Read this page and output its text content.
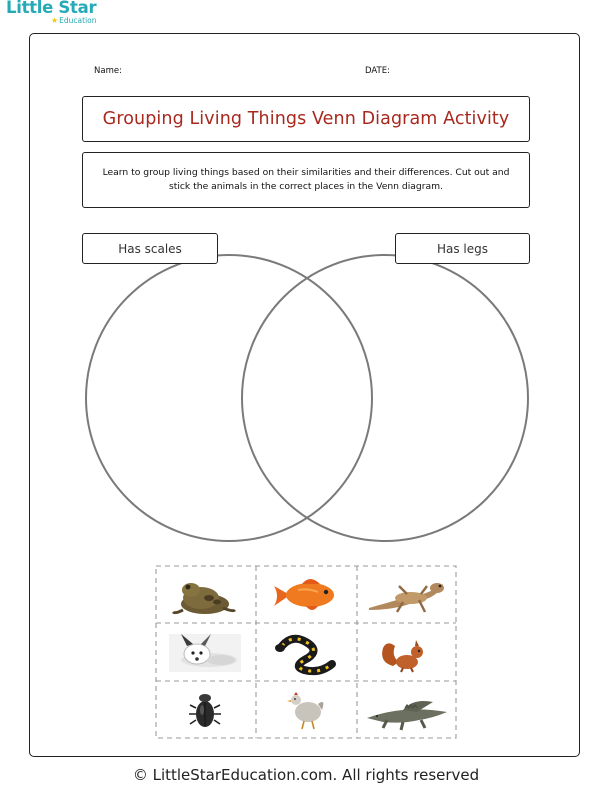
Little Star
★Education
Name:	DATE:
Grouping Living Things Venn Diagram Activity
Learn to group living things based on their similarities and their differences. Cut out and stick the animals in the correct places in the Venn diagram.
Has scales	Has legs
© LittleStarEducation.com. All rights reserved
